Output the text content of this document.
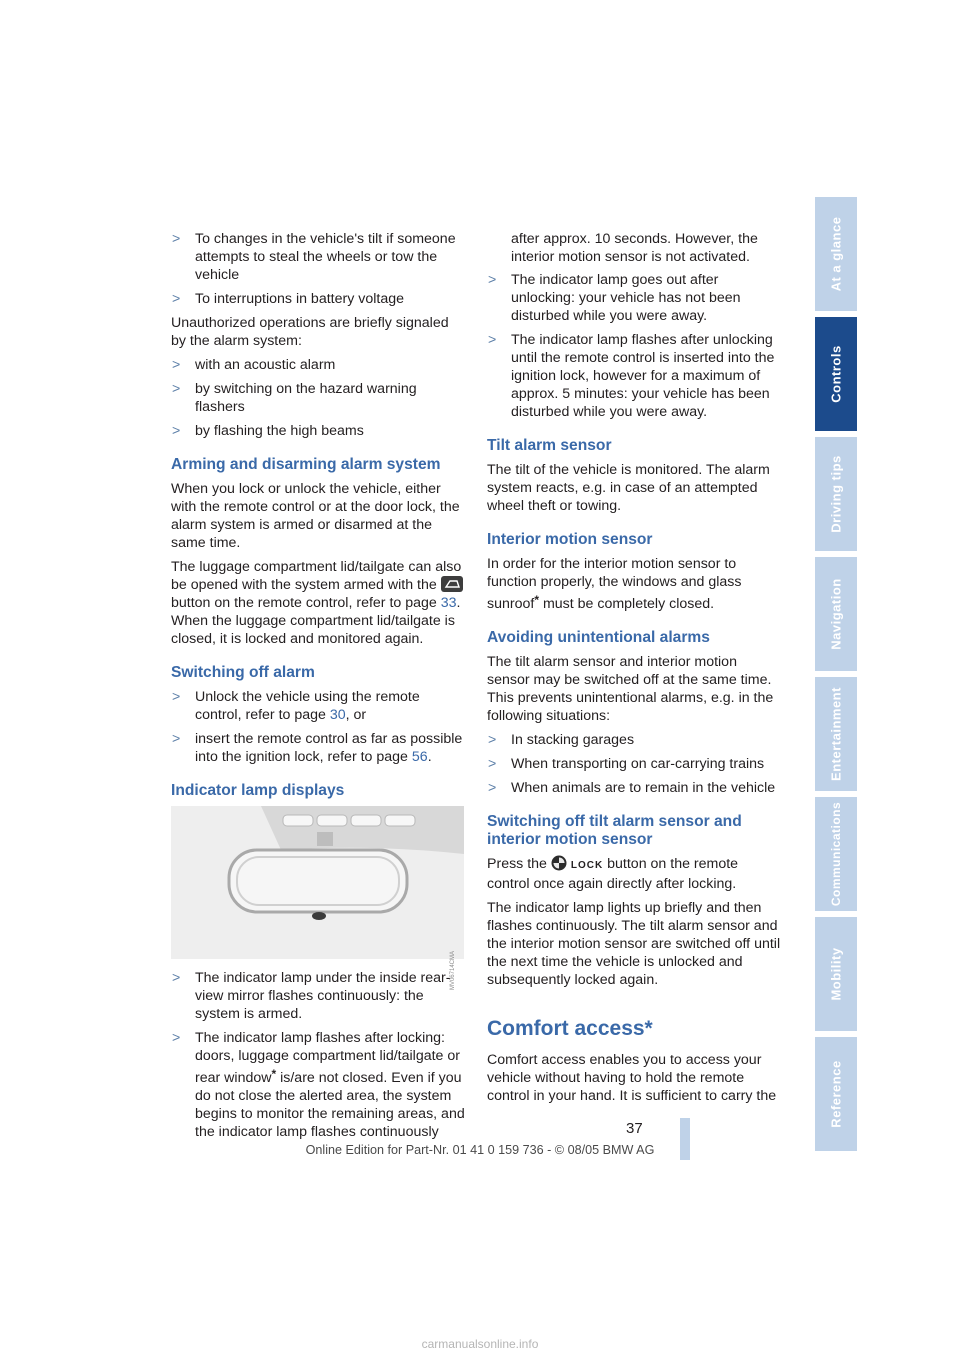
> To changes in the vehicle's tilt if someone attempts to steal the wheels or tow the vehicle
> To interruptions in battery voltage

Unauthorized operations are briefly signaled by the alarm system:

> with an acoustic alarm
> by switching on the hazard warning flashers
> by flashing the high beams
Arming and disarming alarm system

When you lock or unlock the vehicle, either with the remote control or at the door lock, the alarm system is armed or disarmed at the same time.

The luggage compartment lid/tailgate can also be opened with the system armed with the  button on the remote control, refer to page 33. When the luggage compartment lid/tailgate is closed, it is locked and monitored again.

Switching off alarm
> Unlock the vehicle using the remote control, refer to page 30, or
> insert the remote control as far as possible into the ignition lock, refer to page 56.
Indicator lamp displays
MV06714CMA
> The indicator lamp under the inside rear-view mirror flashes continuously: the system is armed.
> The indicator lamp flashes after locking: doors, luggage compartment lid/tailgate or rear window* is/are not closed. Even if you do not close the alerted area, the system begins to monitor the remaining areas, and the indicator lamp flashes continuously
after approx. 10 seconds. However, the interior motion sensor is not activated.
> The indicator lamp goes out after unlocking: your vehicle has not been disturbed while you were away.
> The indicator lamp flashes after unlocking until the remote control is inserted into the ignition lock, however for a maximum of approx. 5 minutes: your vehicle has been disturbed while you were away.
Tilt alarm sensor

The tilt of the vehicle is monitored. The alarm system reacts, e.g. in case of an attempted wheel theft or towing.

Interior motion sensor

In order for the interior motion sensor to function properly, the windows and glass sunroof* must be completely closed.

Avoiding unintentional alarms

The tilt alarm sensor and interior motion sensor may be switched off at the same time. This prevents unintentional alarms, e.g. in the following situations:

> In stacking garages
> When transporting on car-carrying trains
> When animals are to remain in the vehicle
Switching off tilt alarm sensor and interior motion sensor

Press the LOCK button on the remote control once again directly after locking.

The indicator lamp lights up briefly and then flashes continuously. The tilt alarm sensor and the interior motion sensor are switched off until the next time the vehicle is unlocked and subsequently locked again.

Comfort access*

Comfort access enables you to access your vehicle without having to hold the remote control in your hand. It is sufficient to carry the

At a glance
Controls
Driving tips
Navigation
Entertainment
Communications
Mobility
Reference
37
Online Edition for Part-Nr. 01 41 0 159 736 - © 08/05 BMW AG
carmanualsonline.info
